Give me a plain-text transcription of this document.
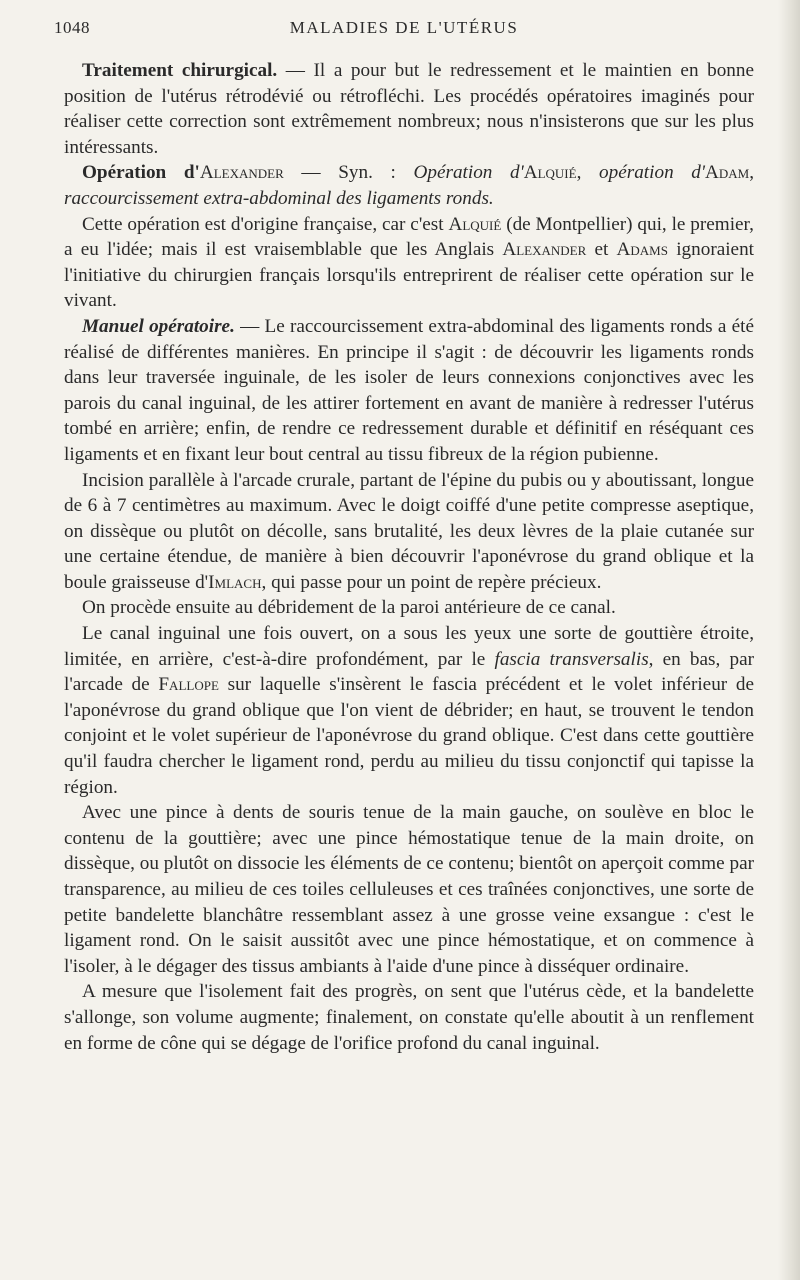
1048	MALADIES DE L'UTÉRUS

Traitement chirurgical. — Il a pour but le redressement et le maintien en bonne position de l'utérus rétrodévié ou rétrofléchi. Les procédés opératoires imaginés pour réaliser cette correction sont extrêmement nombreux; nous n'insisterons que sur les plus intéressants.

Opération d'Alexander — Syn. : Opération d'Alquié, opération d'Adam, raccourcissement extra-abdominal des ligaments ronds.

Cette opération est d'origine française, car c'est Alquié (de Montpellier) qui, le premier, a eu l'idée; mais il est vraisemblable que les Anglais Alexander et Adams ignoraient l'initiative du chirurgien français lorsqu'ils entreprirent de réaliser cette opération sur le vivant.

Manuel opératoire. — Le raccourcissement extra-abdominal des ligaments ronds a été réalisé de différentes manières. En principe il s'agit : de découvrir les ligaments ronds dans leur traversée inguinale, de les isoler de leurs connexions conjonctives avec les parois du canal inguinal, de les attirer fortement en avant de manière à redresser l'utérus tombé en arrière; enfin, de rendre ce redressement durable et définitif en réséquant ces ligaments et en fixant leur bout central au tissu fibreux de la région pubienne.

Incision parallèle à l'arcade crurale, partant de l'épine du pubis ou y aboutissant, longue de 6 à 7 centimètres au maximum. Avec le doigt coiffé d'une petite compresse aseptique, on dissèque ou plutôt on décolle, sans brutalité, les deux lèvres de la plaie cutanée sur une certaine étendue, de manière à bien découvrir l'aponévrose du grand oblique et la boule graisseuse d'Imlach, qui passe pour un point de repère précieux.

On procède ensuite au débridement de la paroi antérieure de ce canal.

Le canal inguinal une fois ouvert, on a sous les yeux une sorte de gouttière étroite, limitée, en arrière, c'est-à-dire profondément, par le fascia transversalis, en bas, par l'arcade de Fallope sur laquelle s'insèrent le fascia précédent et le volet inférieur de l'aponévrose du grand oblique que l'on vient de débrider; en haut, se trouvent le tendon conjoint et le volet supérieur de l'aponévrose du grand oblique. C'est dans cette gouttière qu'il faudra chercher le ligament rond, perdu au milieu du tissu conjonctif qui tapisse la région.

Avec une pince à dents de souris tenue de la main gauche, on soulève en bloc le contenu de la gouttière; avec une pince hémostatique tenue de la main droite, on dissèque, ou plutôt on dissocie les éléments de ce contenu; bientôt on aperçoit comme par transparence, au milieu de ces toiles celluleuses et ces traînées conjonctives, une sorte de petite bandelette blanchâtre ressemblant assez à une grosse veine exsangue : c'est le ligament rond. On le saisit aussitôt avec une pince hémostatique, et on commence à l'isoler, à le dégager des tissus ambiants à l'aide d'une pince à disséquer ordinaire.

A mesure que l'isolement fait des progrès, on sent que l'utérus cède, et la bandelette s'allonge, son volume augmente; finalement, on constate qu'elle aboutit à un renflement en forme de cône qui se dégage de l'orifice profond du canal inguinal.
